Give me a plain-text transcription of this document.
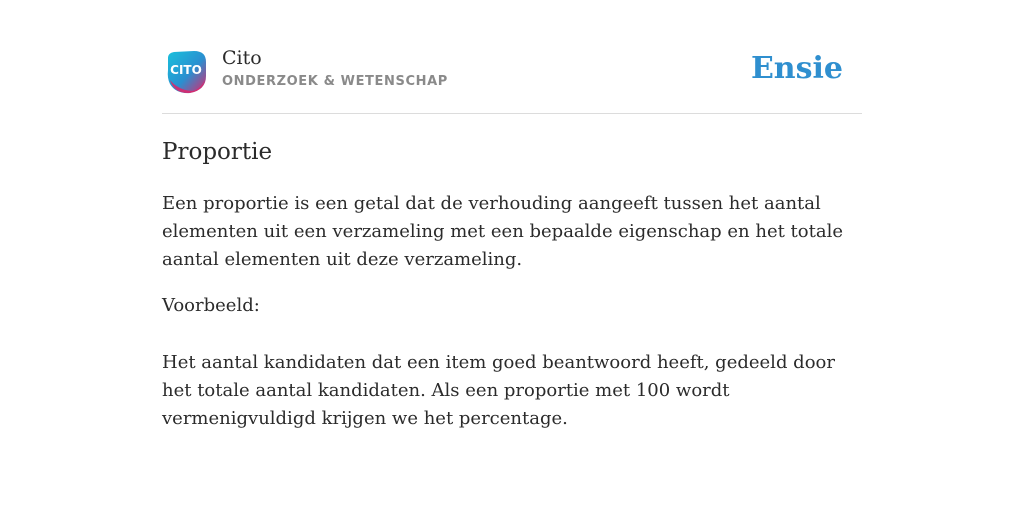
CITO
Cito
ONDERZOEK & WETENSCHAP	Ensie
Proportie

Een proportie is een getal dat de verhouding aangeeft tussen het aantal elementen uit een verzameling met een bepaalde eigenschap en het totale aantal elementen uit deze verzameling.

Voorbeeld:

Het aantal kandidaten dat een item goed beantwoord heeft, gedeeld door het totale aantal kandidaten. Als een proportie met 100 wordt vermenigvuldigd krijgen we het percentage.
